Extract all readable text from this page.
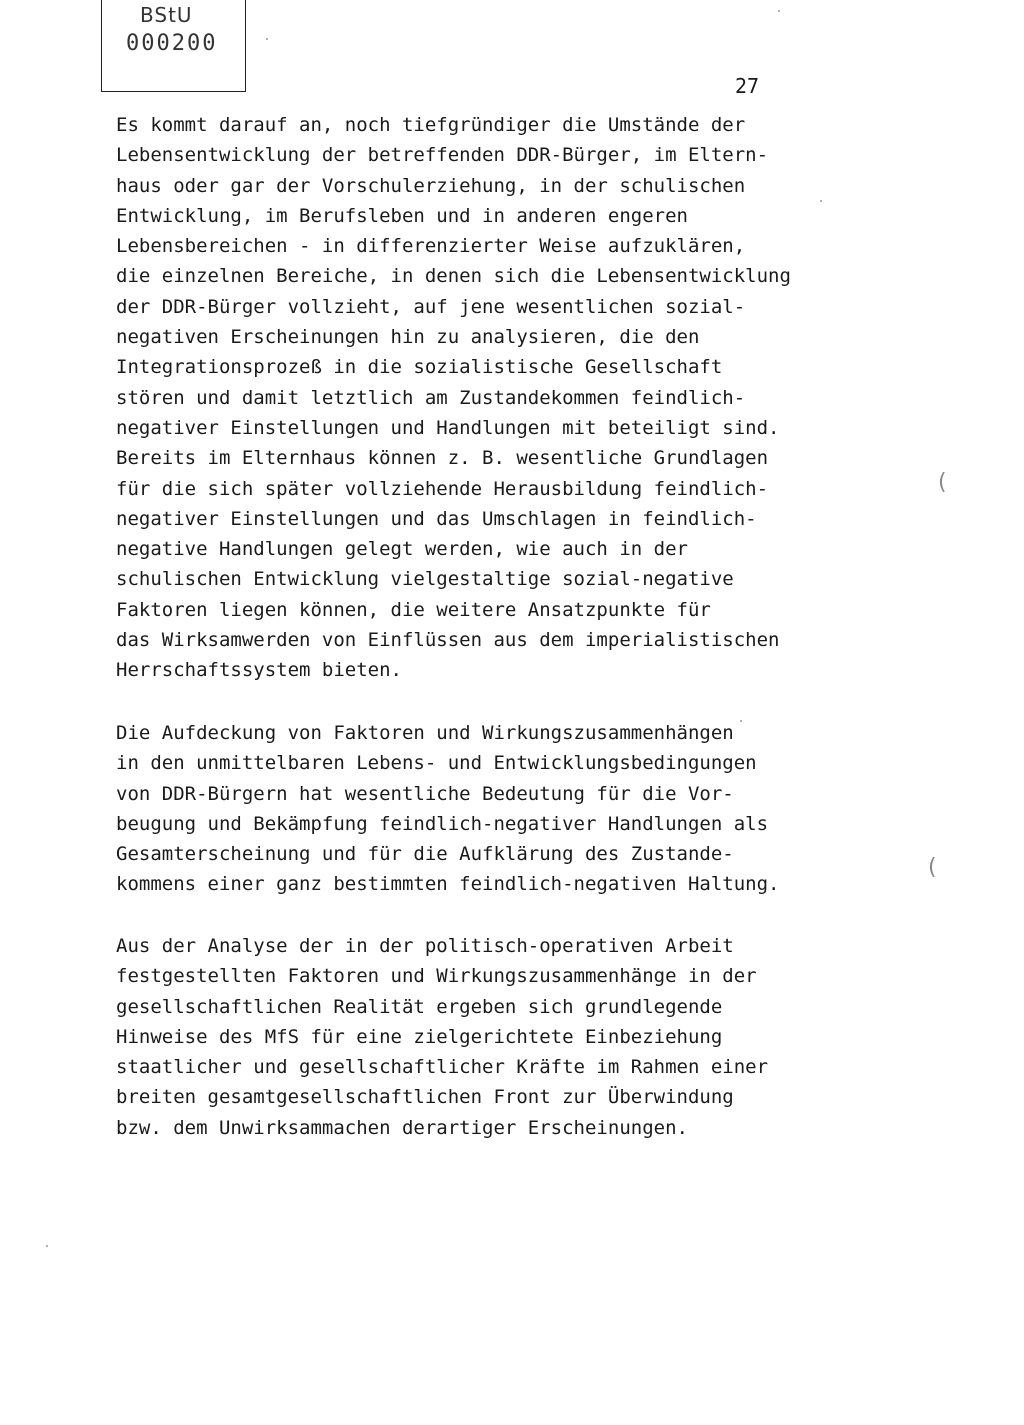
BStU
000200
27
Es kommt darauf an, noch tiefgründiger die Umstände der
Lebensentwicklung der betreffenden DDR-Bürger, im Eltern-
haus oder gar der Vorschulerziehung, in der schulischen
Entwicklung, im Berufsleben und in anderen engeren
Lebensbereichen - in differenzierter Weise aufzuklären,
die einzelnen Bereiche, in denen sich die Lebensentwicklung
der DDR-Bürger vollzieht, auf jene wesentlichen sozial-
negativen Erscheinungen hin zu analysieren, die den
Integrationsprozeß in die sozialistische Gesellschaft
stören und damit letztlich am Zustandekommen feindlich-
negativer Einstellungen und Handlungen mit beteiligt sind.
Bereits im Elternhaus können z. B. wesentliche Grundlagen
für die sich später vollziehende Herausbildung feindlich-
negativer Einstellungen und das Umschlagen in feindlich-
negative Handlungen gelegt werden, wie auch in der
schulischen Entwicklung vielgestaltige sozial-negative
Faktoren liegen können, die weitere Ansatzpunkte für
das Wirksamwerden von Einflüssen aus dem imperialistischen
Herrschaftssystem bieten.
Die Aufdeckung von Faktoren und Wirkungszusammenhängen
in den unmittelbaren Lebens- und Entwicklungsbedingungen
von DDR-Bürgern hat wesentliche Bedeutung für die Vor-
beugung und Bekämpfung feindlich-negativer Handlungen als
Gesamterscheinung und für die Aufklärung des Zustande-
kommens einer ganz bestimmten feindlich-negativen Haltung.
Aus der Analyse der in der politisch-operativen Arbeit
festgestellten Faktoren und Wirkungszusammenhänge in der
gesellschaftlichen Realität ergeben sich grundlegende
Hinweise des MfS für eine zielgerichtete Einbeziehung
staatlicher und gesellschaftlicher Kräfte im Rahmen einer
breiten gesamtgesellschaftlichen Front zur Überwindung
bzw. dem Unwirksammachen derartiger Erscheinungen.
(
(
